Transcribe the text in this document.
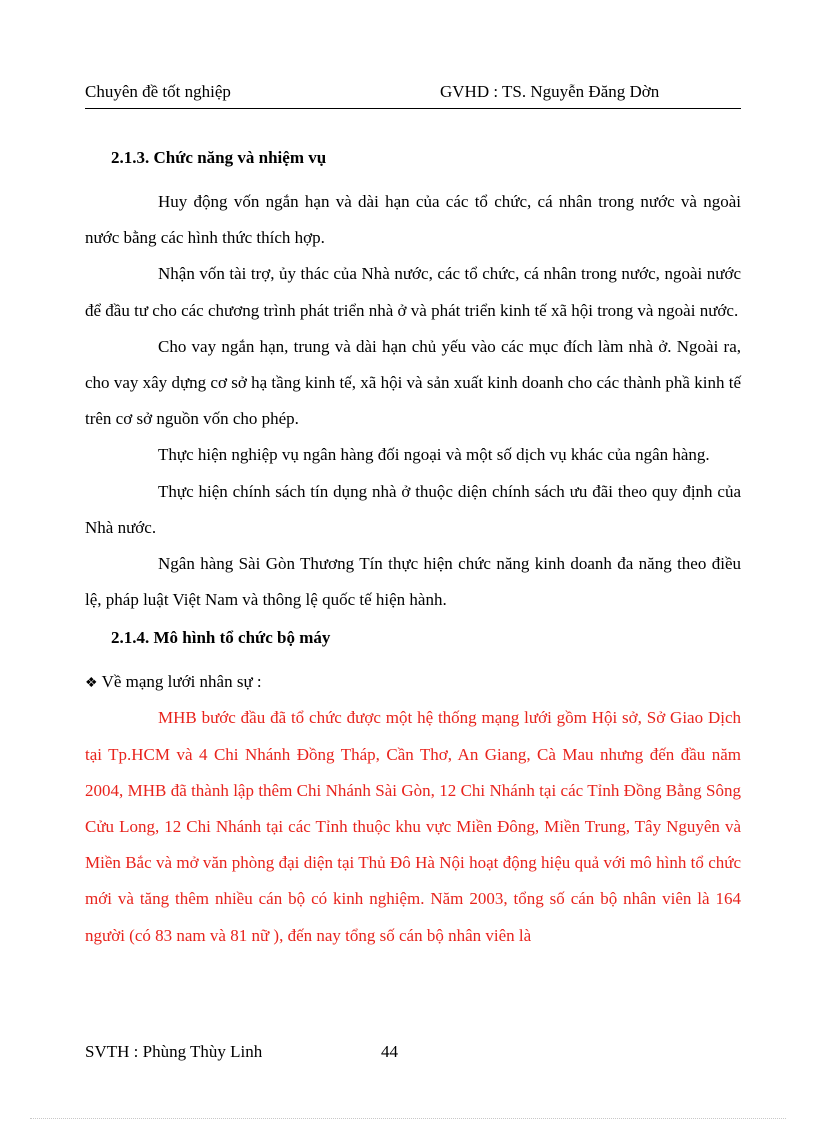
Chuyên đề tốt nghiệp	GVHD : TS. Nguyễn Đăng Dờn
2.1.3. Chức năng và nhiệm vụ

Huy động vốn ngắn hạn và dài hạn của các tổ chức, cá nhân trong nước và ngoài nước bằng các hình thức thích hợp.

Nhận vốn tài trợ, ủy thác của Nhà nước, các tổ chức, cá nhân trong nước, ngoài nước để đầu tư cho các chương trình phát triển nhà ở và phát triển kinh tế xã hội trong và ngoài nước.

Cho vay ngắn hạn, trung và dài hạn chủ yếu vào các mục đích làm nhà ở. Ngoài ra, cho vay xây dựng cơ sở hạ tầng kinh tế, xã hội và sản xuất kinh doanh cho các thành phầ kinh tế trên cơ sở nguồn vốn cho phép.

Thực hiện nghiệp vụ ngân hàng đối ngoại và một số dịch vụ khác của ngân hàng.

Thực hiện chính sách tín dụng nhà ở thuộc diện chính sách ưu đãi theo quy định của Nhà nước.

Ngân hàng Sài Gòn Thương Tín thực hiện chức năng kinh doanh đa năng theo điều lệ, pháp luật Việt Nam và thông lệ quốc tế hiện hành.

2.1.4. Mô hình tổ chức bộ máy
❖ Về mạng lưới nhân sự :

MHB bước đầu đã tổ chức được một hệ thống mạng lưới gồm Hội sở, Sở Giao Dịch tại Tp.HCM và 4 Chi Nhánh Đồng Tháp, Cần Thơ, An Giang, Cà Mau nhưng đến đầu năm 2004, MHB đã thành lập thêm Chi Nhánh Sài Gòn, 12 Chi Nhánh tại các Tỉnh Đồng Bằng Sông Cửu Long, 12 Chi Nhánh tại các Tỉnh thuộc khu vực Miền Đông, Miền Trung, Tây Nguyên và Miền Bắc và mở văn phòng đại diện tại Thủ Đô Hà Nội hoạt động hiệu quả với mô hình tổ chức mới và tăng thêm nhiều cán bộ có kinh nghiệm. Năm 2003, tổng số cán bộ nhân viên là 164 người (có 83 nam và 81 nữ ), đến nay tổng số cán bộ nhân viên là

SVTH : Phùng Thùy Linh	44
